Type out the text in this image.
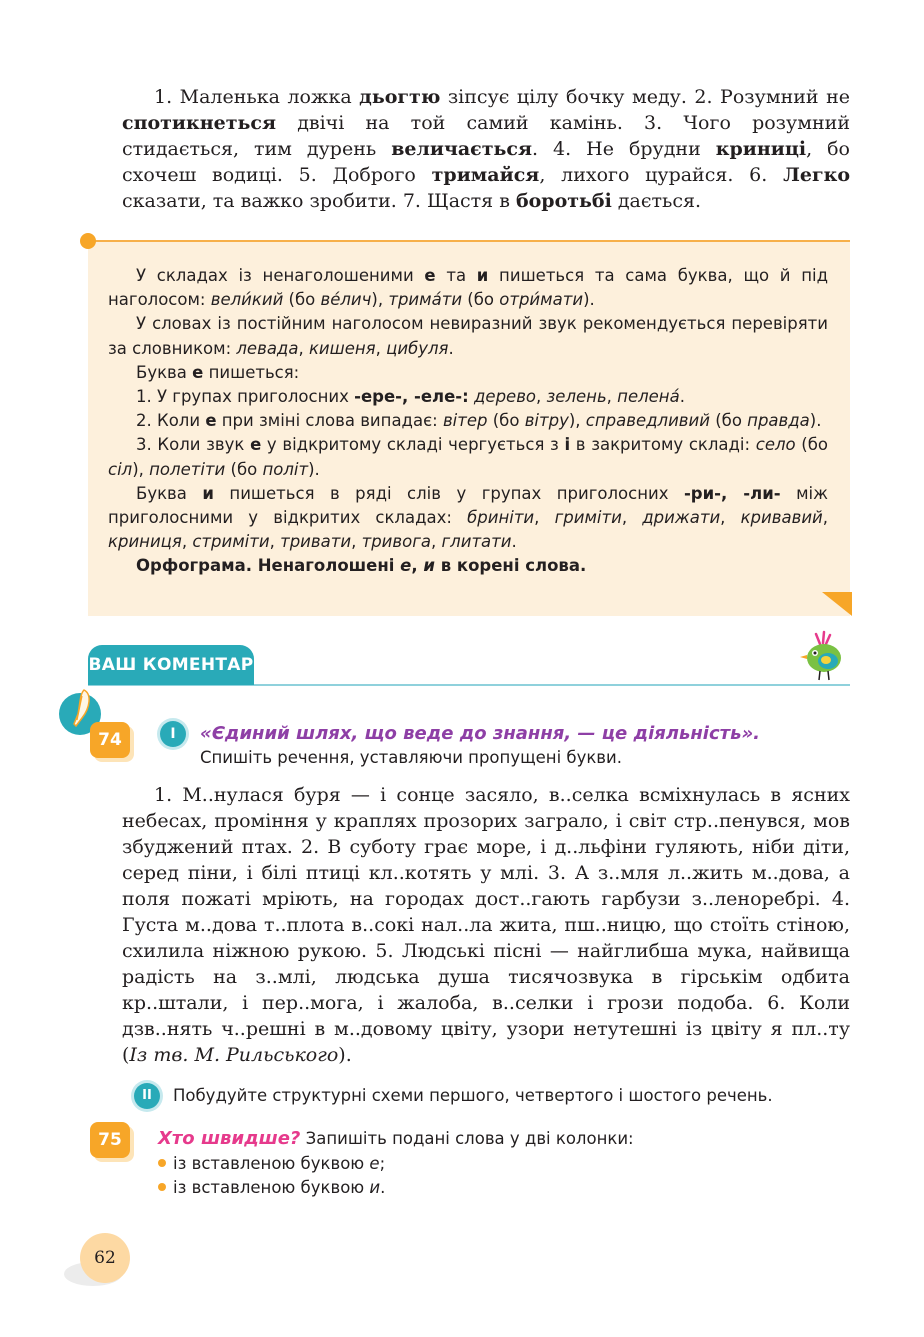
1. Маленька ложка дьогтю зіпсує цілу бочку меду. 2. Розумний не спотикнеться двічі на той самий камінь. 3. Чого розумний стидається, тим дурень величається. 4. Не брудни криниці, бо схочеш водиці. 5. Доброго тримайся, лихого цурайся. 6. Легко сказати, та важко зробити. 7. Щастя в боротьбі дається.

У складах із ненаголошеними е та и пишеться та сама буква, що й під наголосом: вели́кий (бо ве́лич), трима́ти (бо отри́мати).

У словах із постійним наголосом невиразний звук рекомендується перевіряти за словником: левада, кишеня, цибуля.

Буква е пишеться:

1. У групах приголосних -ере-, -еле-: дерево, зелень, пелена́.

2. Коли е при зміні слова випадає: вітер (бо вітру), справедливий (бо правда).

3. Коли звук е у відкритому складі чергується з і в закритому складі: село (бо сіл), полетіти (бо політ).

Буква и пишеться в ряді слів у групах приголосних -ри-, -ли- між приголосними у відкритих складах: бриніти, гриміти, дрижати, кривавий, криниця, стриміти, тривати, тривога, глитати.

Орфограма. Ненаголошені е, и в корені слова.

ВАШ КОМЕНТАР
74	I	«Єдиний шлях, що веде до знання, — це діяльність».
Спишіть речення, уставляючи пропущені букви.

1. М..нулася буря — і сонце засяло, в..селка всміхнулась в ясних небесах, проміння у краплях прозорих заграло, і світ стр..пенувся, мов збуджений птах. 2. В суботу грає море, і д..льфіни гуляють, ніби діти, серед піни, і білі птиці кл..котять у млі. 3. А з..мля л..жить м..дова, а поля пожаті мріють, на городах дост..гають гарбузи з..леноребрі. 4. Густа м..дова т..плота в..сокі нал..ла жита, пш..ницю, що стоїть стіною, схилила ніжною рукою. 5. Людські пісні — найглибша мука, найвища радість на з..млі, людська душа тисячозвука в гірськім одбита кр..штали, і пер..мога, і жалоба, в..селки і грози подоба. 6. Коли дзв..нять ч..решні в м..довому цвіту, узори нетутешні із цвіту я пл..ту (Із тв. М. Рильського).

II	Побудуйте структурні схеми першого, четвертого і шостого речень.
75	Хто швидше? Запишіть подані слова у дві колонки:
із вставленою буквою е;
із вставленою буквою и.
62
